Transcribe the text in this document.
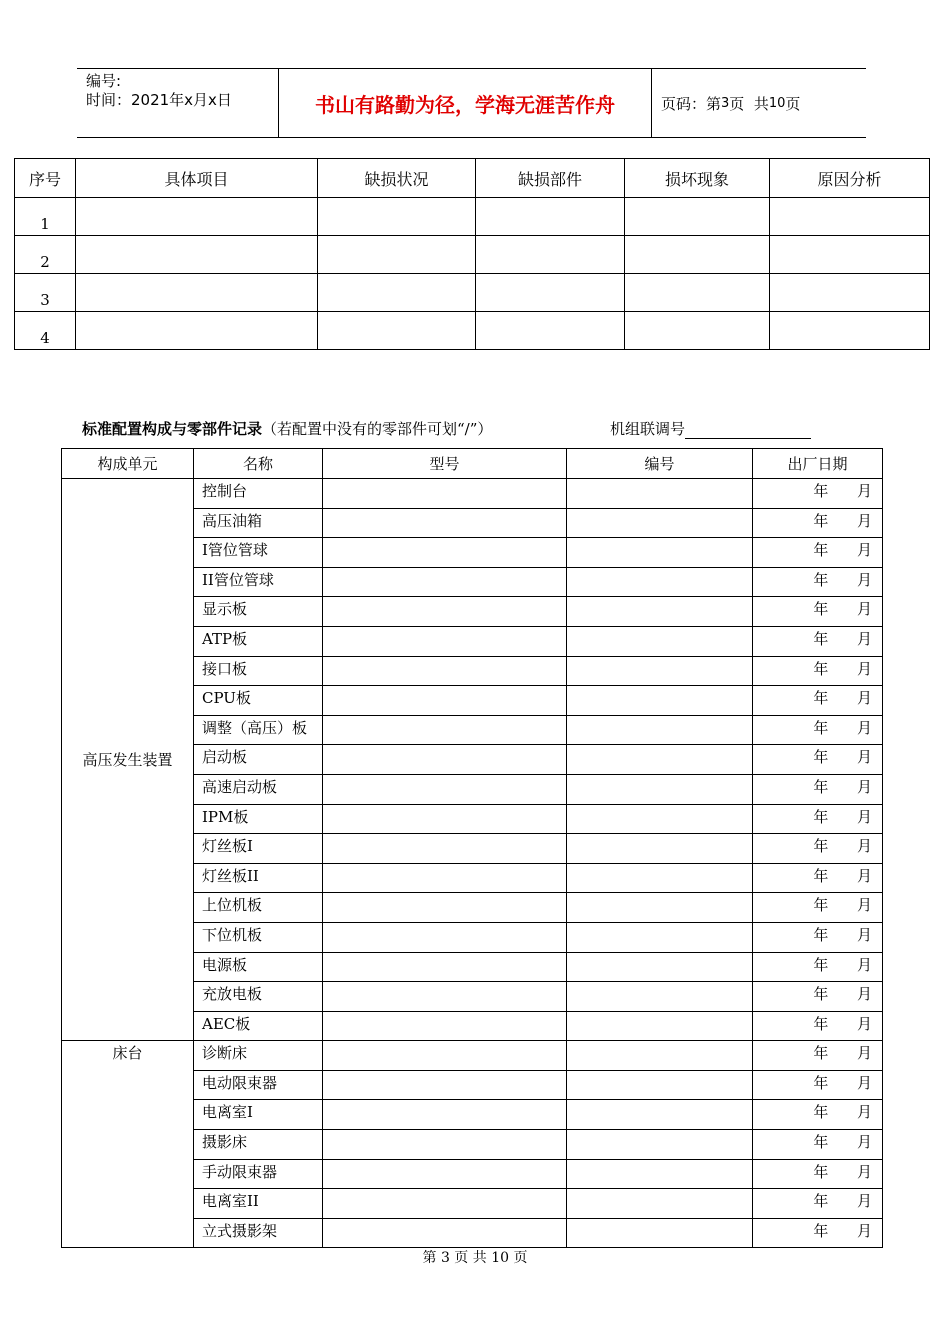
编号:
时间：2021年x月x日	书山有路勤为径，学海无涯苦作舟	页码：第 3 页  共 10 页
序号	具体项目	缺损状况	缺损部件	损坏现象	原因分析
1					
2					
3					
4					
标准配置构成与零部件记录（若配置中没有的零部件可划“/”）	机组联调号
构成单元	名称	型号	编号	出厂日期
高压发生装置	控制台			年      月
	高压油箱			年      月
	I管位管球			年      月
	II管位管球			年      月
	显示板			年      月
	ATP板			年      月
	接口板			年      月
	CPU板			年      月
	调整（高压）板			年      月
	启动板			年      月
	高速启动板			年      月
	IPM板			年      月
	灯丝板I			年      月
	灯丝板II			年      月
	上位机板			年      月
	下位机板			年      月
	电源板			年      月
	充放电板			年      月
	AEC板			年      月
床台	诊断床			年      月
	电动限束器			年      月
	电离室I			年      月
	摄影床			年      月
	手动限束器			年      月
	电离室II			年      月
	立式摄影架			年      月
第 3 页 共 10 页
